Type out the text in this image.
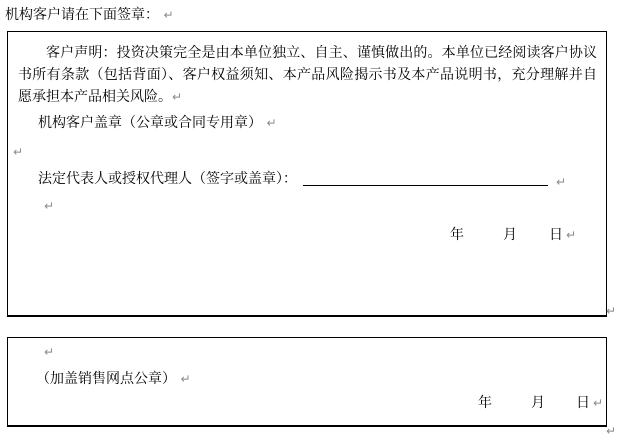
机构客户请在下面签章： ↵

客户声明：投资决策完全是由本单位独立、自主、谨慎做出的。本单位已经阅读客户协议书所有条款（包括背面）、客户权益须知、本产品风险揭示书及本产品说明书，充分理解并自愿承担本产品相关风险。↵

机构客户盖章（公章或合同专用章） ↵
↵
法定代表人或授权代理人（签字或盖章）：	↵
↵
年	月 日 ↵
↵
↵
（加盖销售网点公章） ↵
年	月 日 ↵
↵
